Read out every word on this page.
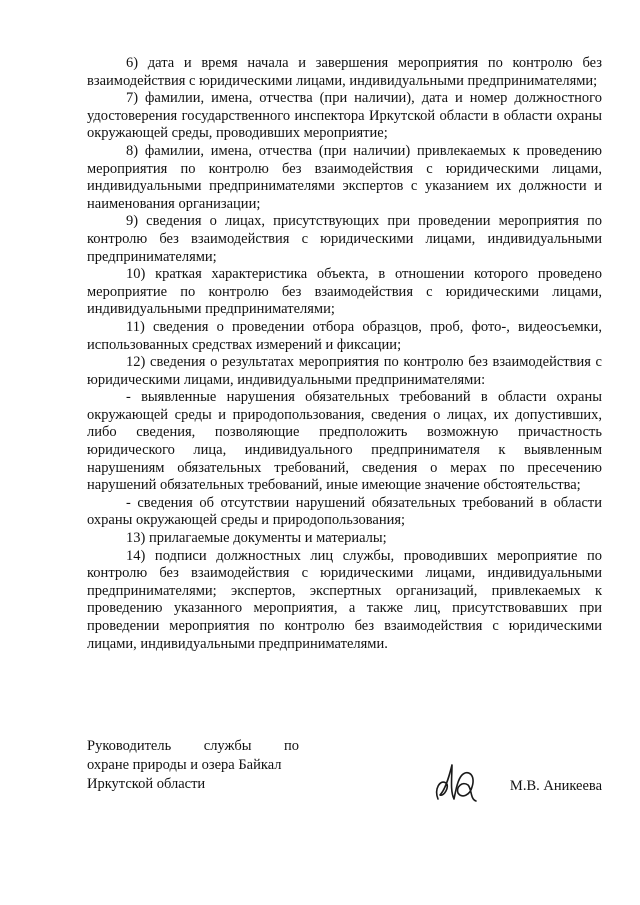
6) дата и время начала и завершения мероприятия по контролю без взаимодействия с юридическими лицами, индивидуальными предпринимателями;

7) фамилии, имена, отчества (при наличии), дата и номер должностного удостоверения государственного инспектора Иркутской области в области охраны окружающей среды, проводивших мероприятие;

8) фамилии, имена, отчества (при наличии) привлекаемых к проведению мероприятия по контролю без взаимодействия с юридическими лицами, индивидуальными предпринимателями экспертов с указанием их должности и наименования организации;

9) сведения о лицах, присутствующих при проведении мероприятия по контролю без взаимодействия с юридическими лицами, индивидуальными предпринимателями;

10) краткая характеристика объекта, в отношении которого проведено мероприятие по контролю без взаимодействия с юридическими лицами, индивидуальными предпринимателями;

11) сведения о проведении отбора образцов, проб, фото-, видеосъемки, использованных средствах измерений и фиксации;

12) сведения о результатах мероприятия по контролю без взаимодействия с юридическими лицами, индивидуальными предпринимателями:

- выявленные нарушения обязательных требований в области охраны окружающей среды и природопользования, сведения о лицах, их допустивших, либо сведения, позволяющие предположить возможную причастность юридического лица, индивидуального предпринимателя к выявленным нарушениям обязательных требований, сведения о мерах по пресечению нарушений обязательных требований, иные имеющие значение обстоятельства;

- сведения об отсутствии нарушений обязательных требований в области охраны окружающей среды и природопользования;

13) прилагаемые документы и материалы;

14) подписи должностных лиц службы, проводивших мероприятие по контролю без взаимодействия с юридическими лицами, индивидуальными предпринимателями; экспертов, экспертных организаций, привлекаемых к проведению указанного мероприятия, а также лиц, присутствовавших при проведении мероприятия по контролю без взаимодействия с юридическими лицами, индивидуальными предпринимателями.

Руководитель службы по
охране природы и озера Байкал
Иркутской области	М.В. Аникеева
